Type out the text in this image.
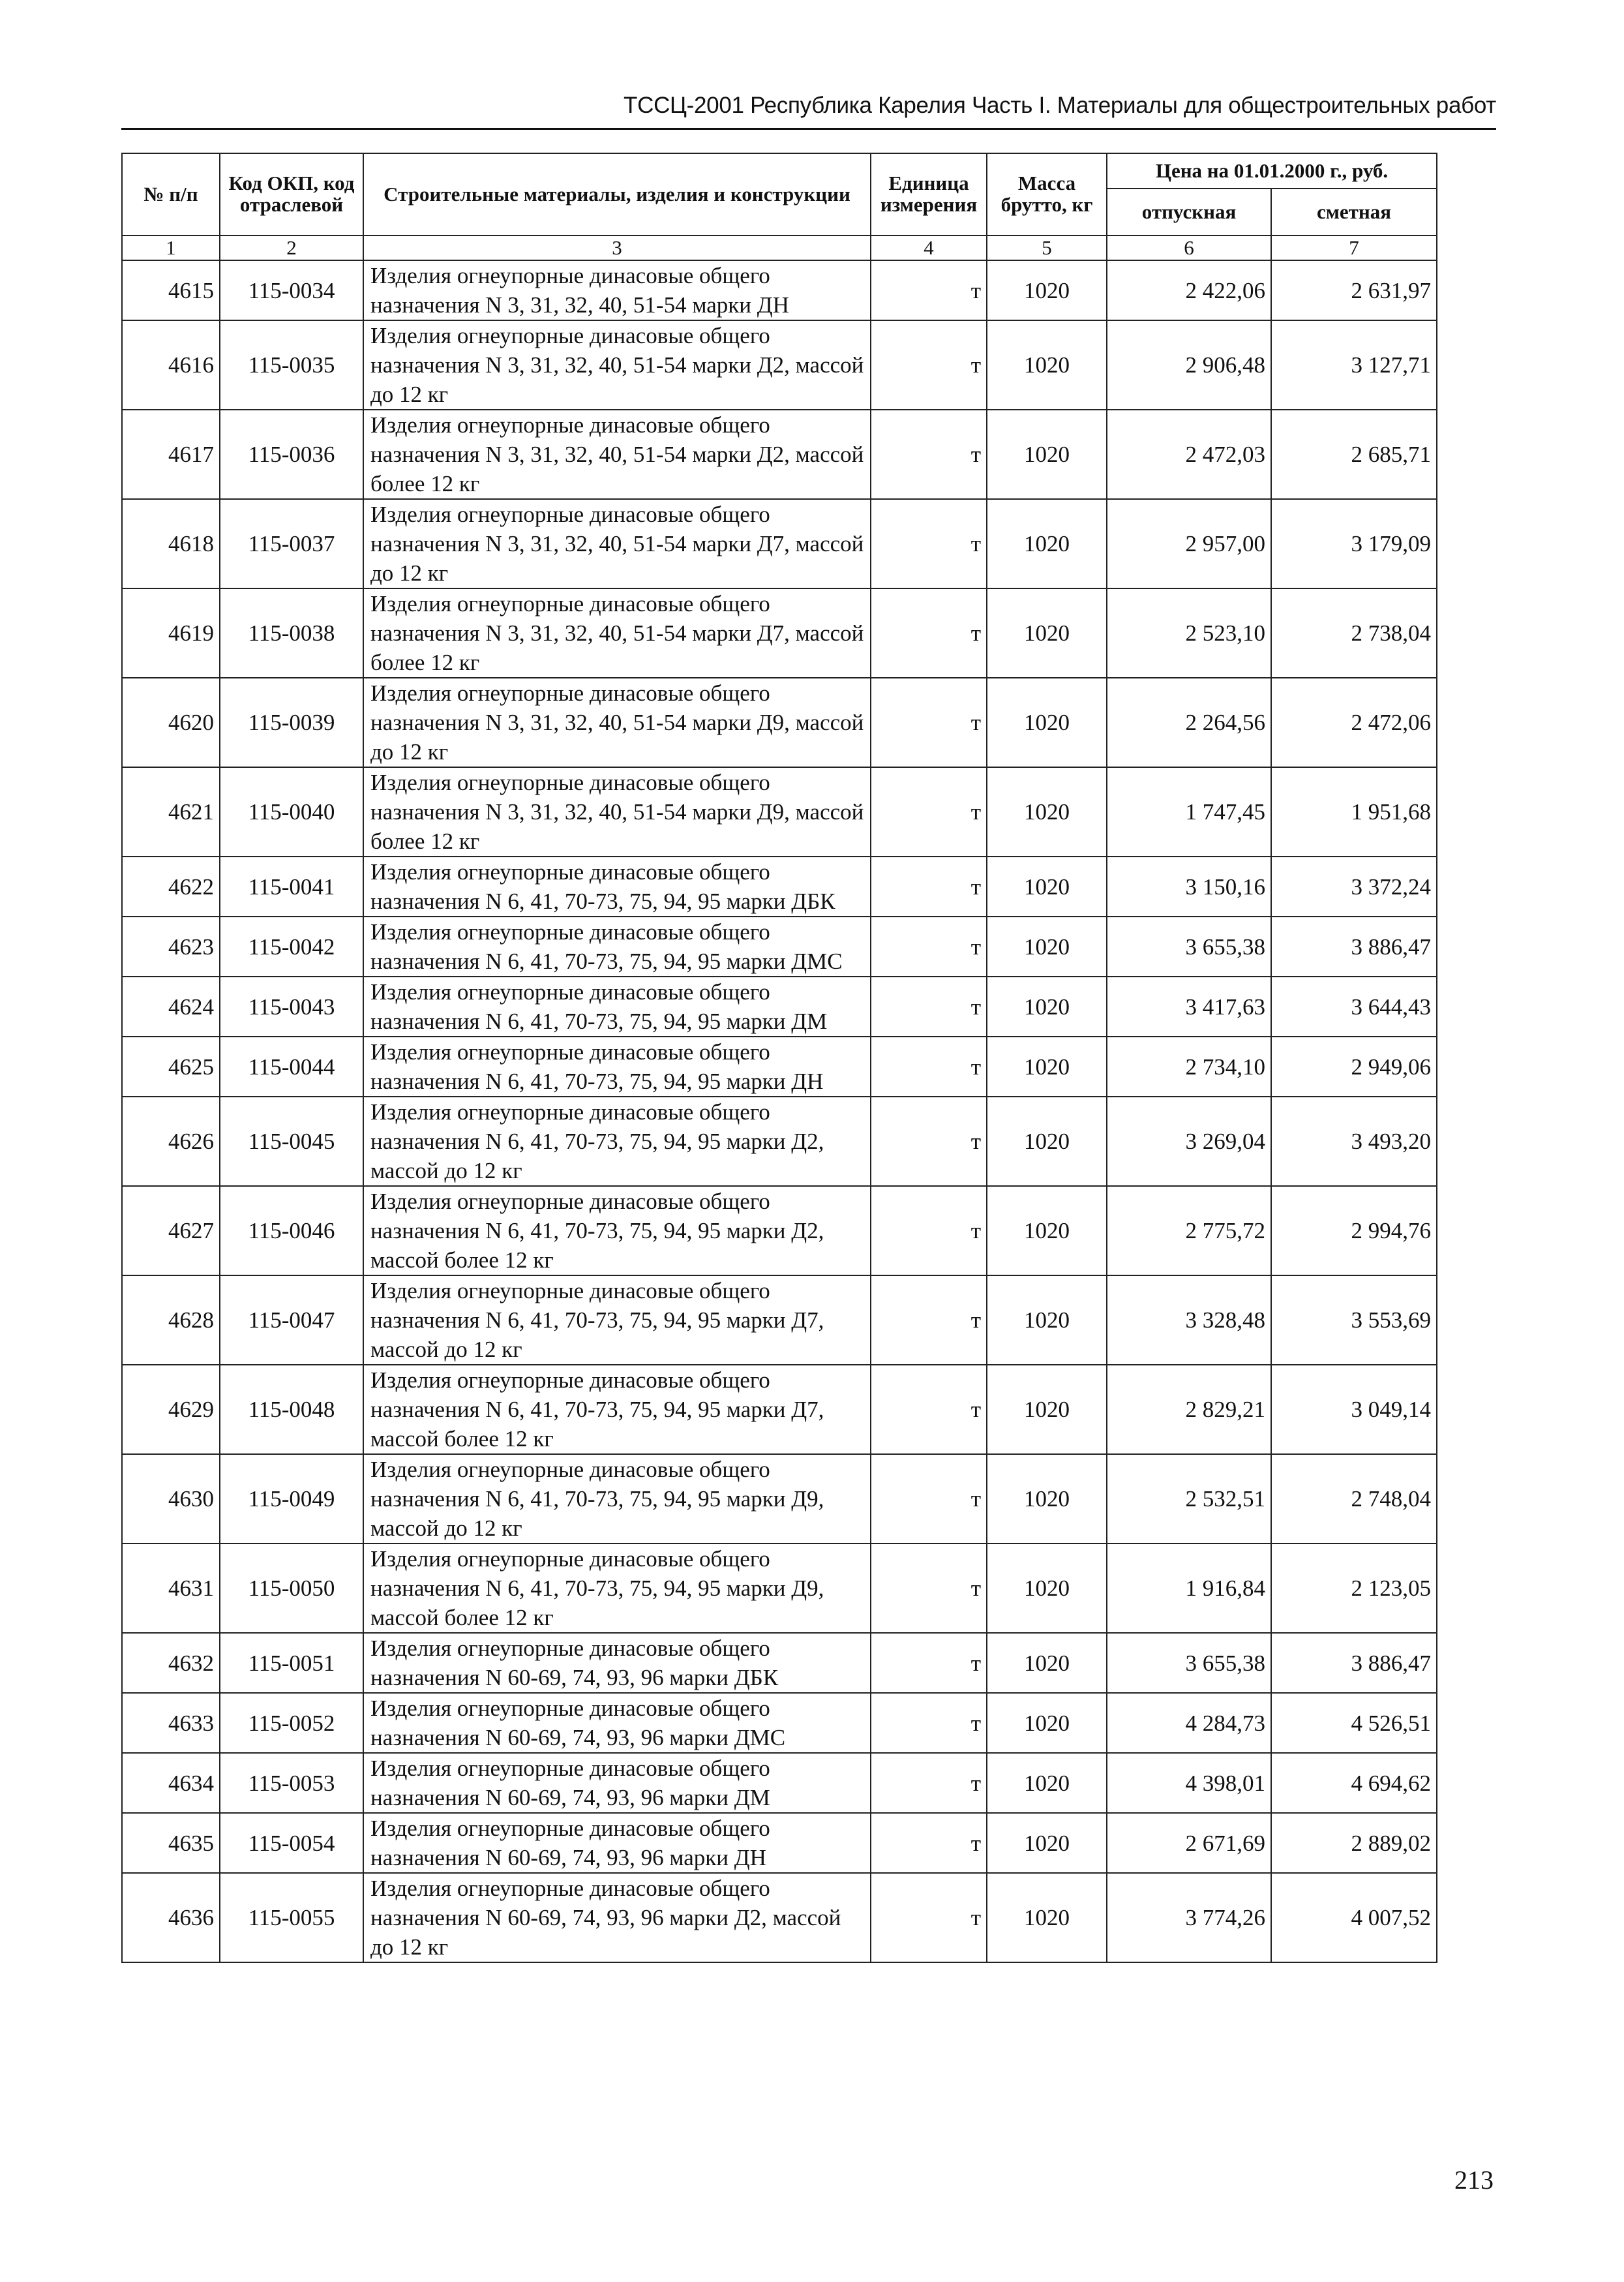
ТССЦ-2001 Республика Карелия Часть I. Материалы для общестроительных работ
№ п/п	Код ОКП, код отраслевой	Строительные материалы, изделия и конструкции	Единица измерения	Масса брутто, кг	Цена на 01.01.2000 г., руб.	
					отпускная	сметная
1	2	3	4	5	6	7
4615	115-0034	Изделия огнеупорные динасовые общего назначения N 3, 31, 32, 40, 51-54 марки ДН	т	1020	2 422,06	2 631,97
4616	115-0035	Изделия огнеупорные динасовые общего назначения N 3, 31, 32, 40, 51-54 марки Д2, массой до 12 кг	т	1020	2 906,48	3 127,71
4617	115-0036	Изделия огнеупорные динасовые общего назначения N 3, 31, 32, 40, 51-54 марки Д2, массой более 12 кг	т	1020	2 472,03	2 685,71
4618	115-0037	Изделия огнеупорные динасовые общего назначения N 3, 31, 32, 40, 51-54 марки Д7, массой до 12 кг	т	1020	2 957,00	3 179,09
4619	115-0038	Изделия огнеупорные динасовые общего назначения N 3, 31, 32, 40, 51-54 марки Д7, массой более 12 кг	т	1020	2 523,10	2 738,04
4620	115-0039	Изделия огнеупорные динасовые общего назначения N 3, 31, 32, 40, 51-54 марки Д9, массой до 12 кг	т	1020	2 264,56	2 472,06
4621	115-0040	Изделия огнеупорные динасовые общего назначения N 3, 31, 32, 40, 51-54 марки Д9, массой более 12 кг	т	1020	1 747,45	1 951,68
4622	115-0041	Изделия огнеупорные динасовые общего назначения N 6, 41, 70-73, 75, 94, 95 марки ДБК	т	1020	3 150,16	3 372,24
4623	115-0042	Изделия огнеупорные динасовые общего назначения N 6, 41, 70-73, 75, 94, 95 марки ДМС	т	1020	3 655,38	3 886,47
4624	115-0043	Изделия огнеупорные динасовые общего назначения N 6, 41, 70-73, 75, 94, 95 марки ДМ	т	1020	3 417,63	3 644,43
4625	115-0044	Изделия огнеупорные динасовые общего назначения N 6, 41, 70-73, 75, 94, 95 марки ДН	т	1020	2 734,10	2 949,06
4626	115-0045	Изделия огнеупорные динасовые общего назначения N 6, 41, 70-73, 75, 94, 95 марки Д2, массой до 12 кг	т	1020	3 269,04	3 493,20
4627	115-0046	Изделия огнеупорные динасовые общего назначения N 6, 41, 70-73, 75, 94, 95 марки Д2, массой более 12 кг	т	1020	2 775,72	2 994,76
4628	115-0047	Изделия огнеупорные динасовые общего назначения N 6, 41, 70-73, 75, 94, 95 марки Д7, массой до 12 кг	т	1020	3 328,48	3 553,69
4629	115-0048	Изделия огнеупорные динасовые общего назначения N 6, 41, 70-73, 75, 94, 95 марки Д7, массой более 12 кг	т	1020	2 829,21	3 049,14
4630	115-0049	Изделия огнеупорные динасовые общего назначения N 6, 41, 70-73, 75, 94, 95 марки Д9, массой до 12 кг	т	1020	2 532,51	2 748,04
4631	115-0050	Изделия огнеупорные динасовые общего назначения N 6, 41, 70-73, 75, 94, 95 марки Д9, массой более 12 кг	т	1020	1 916,84	2 123,05
4632	115-0051	Изделия огнеупорные динасовые общего назначения N 60-69, 74, 93, 96 марки ДБК	т	1020	3 655,38	3 886,47
4633	115-0052	Изделия огнеупорные динасовые общего назначения N 60-69, 74, 93, 96 марки ДМС	т	1020	4 284,73	4 526,51
4634	115-0053	Изделия огнеупорные динасовые общего назначения N 60-69, 74, 93, 96 марки ДМ	т	1020	4 398,01	4 694,62
4635	115-0054	Изделия огнеупорные динасовые общего назначения N 60-69, 74, 93, 96 марки ДН	т	1020	2 671,69	2 889,02
4636	115-0055	Изделия огнеупорные динасовые общего назначения N 60-69, 74, 93, 96 марки Д2, массой до 12 кг	т	1020	3 774,26	4 007,52
213
